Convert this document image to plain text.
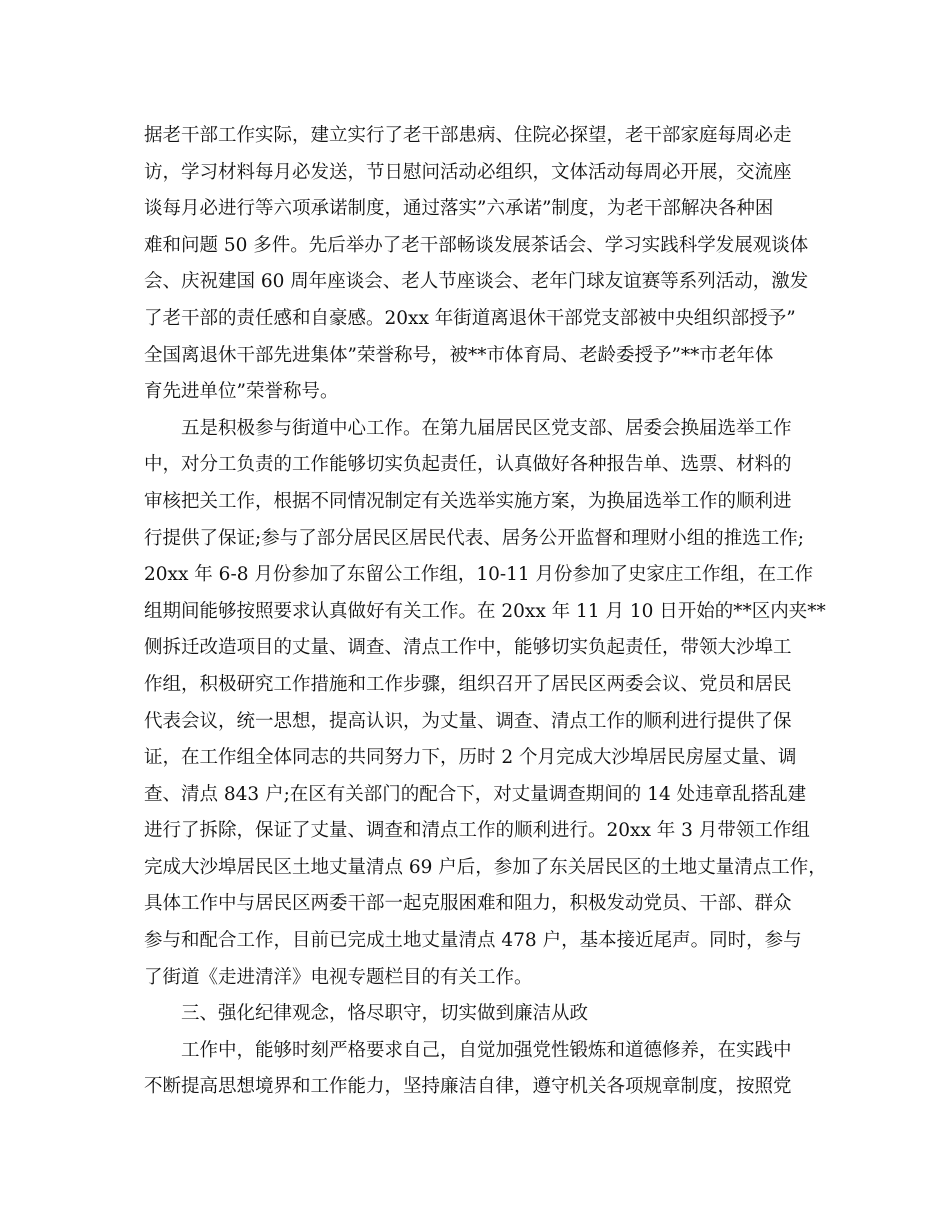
据老干部工作实际，建立实行了老干部患病、住院必探望，老干部家庭每周必走
访，学习材料每月必发送，节日慰问活动必组织，文体活动每周必开展，交流座
谈每月必进行等六项承诺制度，通过落实”六承诺”制度，为老干部解决各种困
难和问题 50 多件。先后举办了老干部畅谈发展茶话会、学习实践科学发展观谈体
会、庆祝建国 60 周年座谈会、老人节座谈会、老年门球友谊赛等系列活动，激发
了老干部的责任感和自豪感。20xx 年街道离退休干部党支部被中央组织部授予”
全国离退休干部先进集体”荣誉称号，被**市体育局、老龄委授予”**市老年体
育先进单位”荣誉称号。
五是积极参与街道中心工作。在第九届居民区党支部、居委会换届选举工作
中，对分工负责的工作能够切实负起责任，认真做好各种报告单、选票、材料的
审核把关工作，根据不同情况制定有关选举实施方案，为换届选举工作的顺利进
行提供了保证;参与了部分居民区居民代表、居务公开监督和理财小组的推选工作;
20xx 年 6-8 月份参加了东留公工作组，10-11 月份参加了史家庄工作组，在工作
组期间能够按照要求认真做好有关工作。在 20xx 年 11 月 10 日开始的**区内夹**
侧拆迁改造项目的丈量、调查、清点工作中，能够切实负起责任，带领大沙埠工
作组，积极研究工作措施和工作步骤，组织召开了居民区两委会议、党员和居民
代表会议，统一思想，提高认识，为丈量、调查、清点工作的顺利进行提供了保
证，在工作组全体同志的共同努力下，历时 2 个月完成大沙埠居民房屋丈量、调
查、清点 843 户;在区有关部门的配合下，对丈量调查期间的 14 处违章乱搭乱建
进行了拆除，保证了丈量、调查和清点工作的顺利进行。20xx 年 3 月带领工作组
完成大沙埠居民区土地丈量清点 69 户后，参加了东关居民区的土地丈量清点工作，
具体工作中与居民区两委干部一起克服困难和阻力，积极发动党员、干部、群众
参与和配合工作，目前已完成土地丈量清点 478 户，基本接近尾声。同时，参与
了街道《走进清洋》电视专题栏目的有关工作。
三、强化纪律观念，恪尽职守，切实做到廉洁从政
工作中，能够时刻严格要求自己，自觉加强党性锻炼和道德修养，在实践中
不断提高思想境界和工作能力，坚持廉洁自律，遵守机关各项规章制度，按照党
